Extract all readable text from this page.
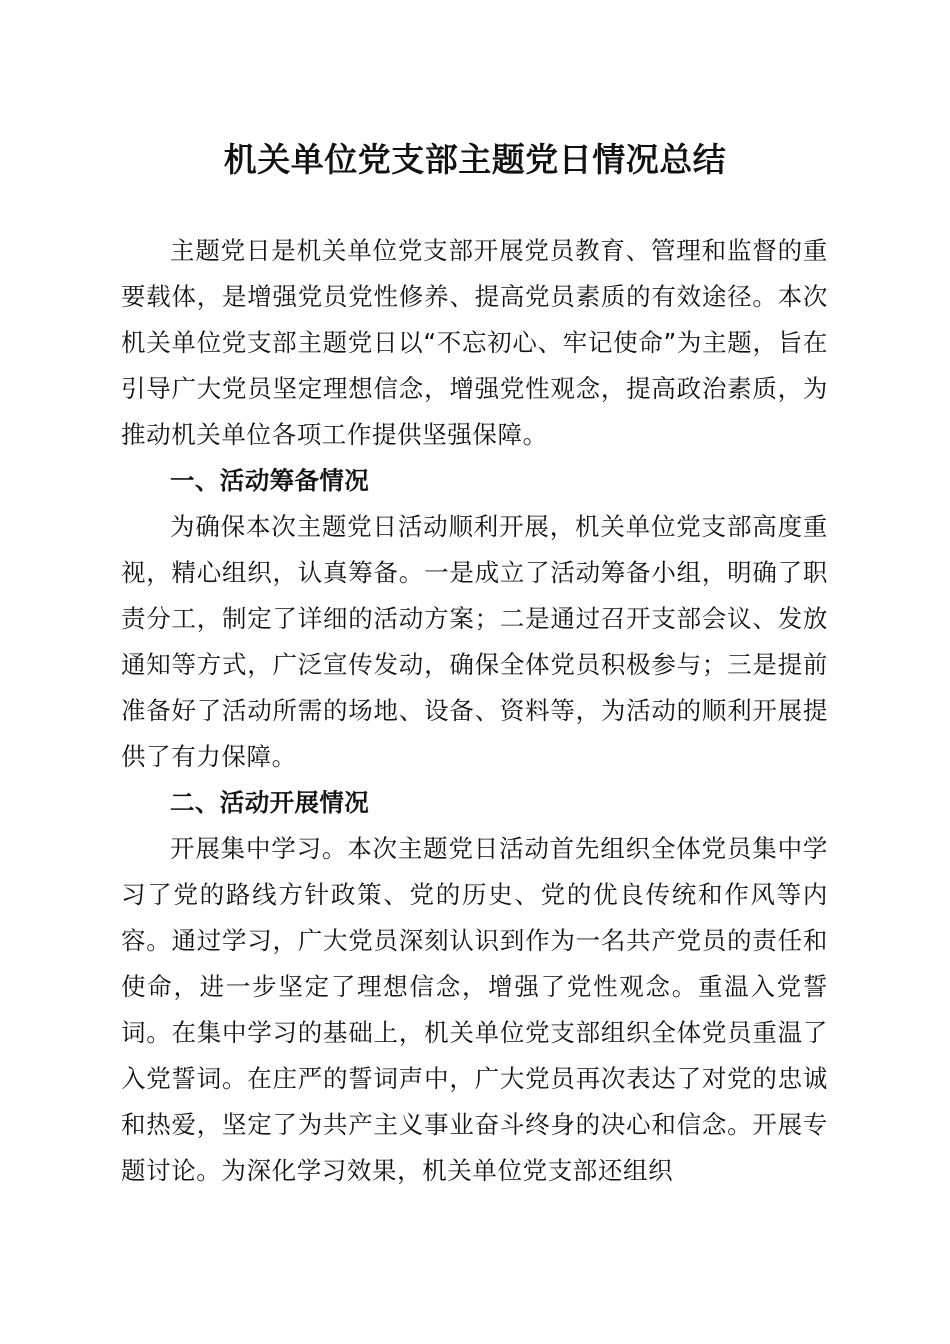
机关单位党支部主题党日情况总结

主题党日是机关单位党支部开展党员教育、管理和监督的重要载体，是增强党员党性修养、提高党员素质的有效途径。本次机关单位党支部主题党日以“不忘初心、牢记使命”为主题，旨在引导广大党员坚定理想信念，增强党性观念，提高政治素质，为推动机关单位各项工作提供坚强保障。

一、活动筹备情况

为确保本次主题党日活动顺利开展，机关单位党支部高度重视，精心组织，认真筹备。一是成立了活动筹备小组，明确了职责分工，制定了详细的活动方案；二是通过召开支部会议、发放通知等方式，广泛宣传发动，确保全体党员积极参与；三是提前准备好了活动所需的场地、设备、资料等，为活动的顺利开展提供了有力保障。

二、活动开展情况

开展集中学习。本次主题党日活动首先组织全体党员集中学习了党的路线方针政策、党的历史、党的优良传统和作风等内容。通过学习，广大党员深刻认识到作为一名共产党员的责任和使命，进一步坚定了理想信念，增强了党性观念。重温入党誓词。在集中学习的基础上，机关单位党支部组织全体党员重温了入党誓词。在庄严的誓词声中，广大党员再次表达了对党的忠诚和热爱，坚定了为共产主义事业奋斗终身的决心和信念。开展专题讨论。为深化学习效果，机关单位党支部还组织
